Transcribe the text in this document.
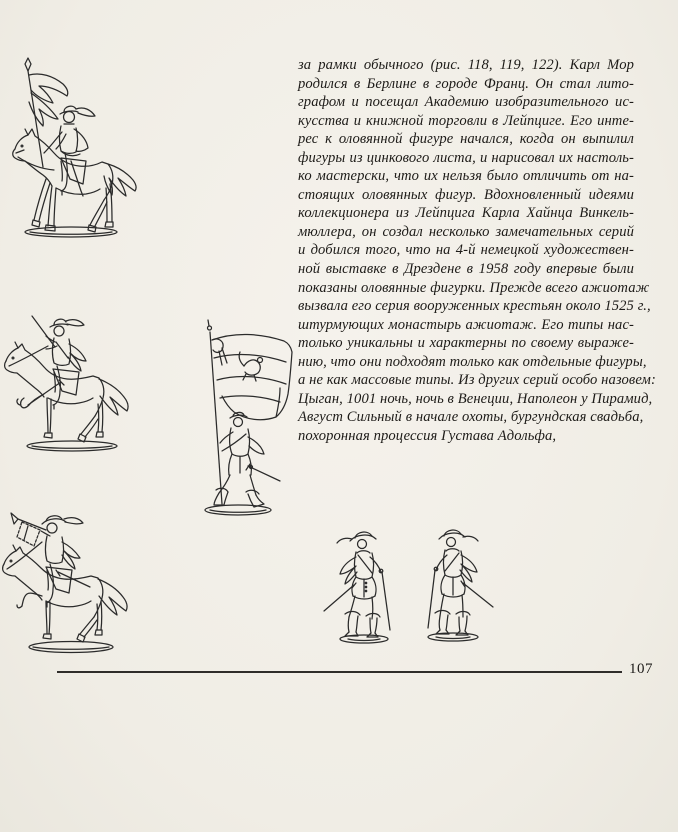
за рамки обычного (рис. 118, 119, 122). Карл Мор
родился в Берлине в городе Франц. Он стал лито-
графом и посещал Академию изобразительного ис-
кусства и книжной торговли в Лейпциге. Его инте-
рес к оловянной фигуре начался, когда он выпилил
фигуры из цинкового листа, и нарисовал их настоль-
ко мастерски, что их нельзя было отличить от на-
стоящих оловянных фигур. Вдохновленный идеями
коллекционера из Лейпцига Карла Хайнца Винкель-
мюллера, он создал несколько замечательных серий
и добился того, что на 4-й немецкой художествен-
ной выставке в Дрездене в 1958 году впервые были
показаны оловянные фигурки. Прежде всего ажиотаж
вызвала его серия вооруженных крестьян около 1525 г.,
штурмующих монастырь ажиотаж. Его типы нас-
только уникальны и характерны по своему выраже-
нию, что они подходят только как отдельные фигуры,
а не как массовые типы. Из других серий особо назовем:
Цыган, 1001 ночь, ночь в Венеции, Наполеон у Пирамид,
Август Сильный в начале охоты, бургундская свадьба,
похоронная процессия Густава Адольфа,
107
